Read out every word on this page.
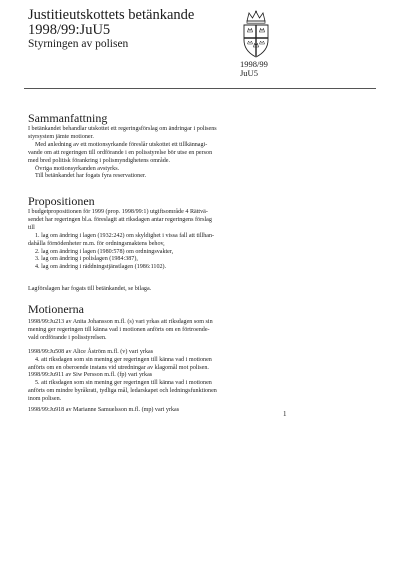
Justitieutskottets betänkande
1998/99:JuU5
Styrningen av polisen
1998/99
JuU5
Sammanfattning
I betänkandet behandlar utskottet ett regeringsförslag om ändringar i polisens
styrsystem jämte motioner.
Med anledning av ett motionsyrkande föreslår utskottet ett tillkännagi-
vande om att regeringen till ordförande i en polisstyrelse bör utse en person
med bred politisk förankring i polismyndighetens område.
Övriga motionsyrkanden avstyrks.
Till betänkandet har fogats fyra reservationer.
Propositionen
I budgetpropositionen för 1999 (prop. 1998/99:1) utgiftsområde 4 Rättvä-
sendet har regeringen bl.a. föreslagit att riksdagen antar regeringens förslag
till
1. lag om ändring i lagen (1932:242) om skyldighet i vissa fall att tillhan-
dahålla förnödenheter m.m. för ordningsmaktens behov,
2. lag om ändring i lagen (1980:578) om ordningsvakter,
3. lag om ändring i polislagen (1984:387),
4. lag om ändring i räddningstjänstlagen (1986:1102).
Lagförslagen har fogats till betänkandet, se bilaga.
Motionerna
1998/99:Ju213 av Anita Johansson m.fl. (s) vari yrkas att riksdagen som sin
mening ger regeringen till känna vad i motionen anförts om en förtroende-
vald ordförande i polisstyrelsen.
1998/99:Ju508 av Alice Åström m.fl. (v) vari yrkas
4. att riksdagen som sin mening ger regeringen till känna vad i motionen
anförts om en oberoende instans vid utredningar av klagomål mot polisen.
1998/99:Ju911 av Siw Persson m.fl. (fp) vari yrkas
5. att riksdagen som sin mening ger regeringen till känna vad i motionen
anförts om mindre byråkrati, tydliga mål, ledarskapet och ledningsfunktionen
inom polisen.
1998/99:Ju918 av Marianne Samuelsson m.fl. (mp) vari yrkas	1
